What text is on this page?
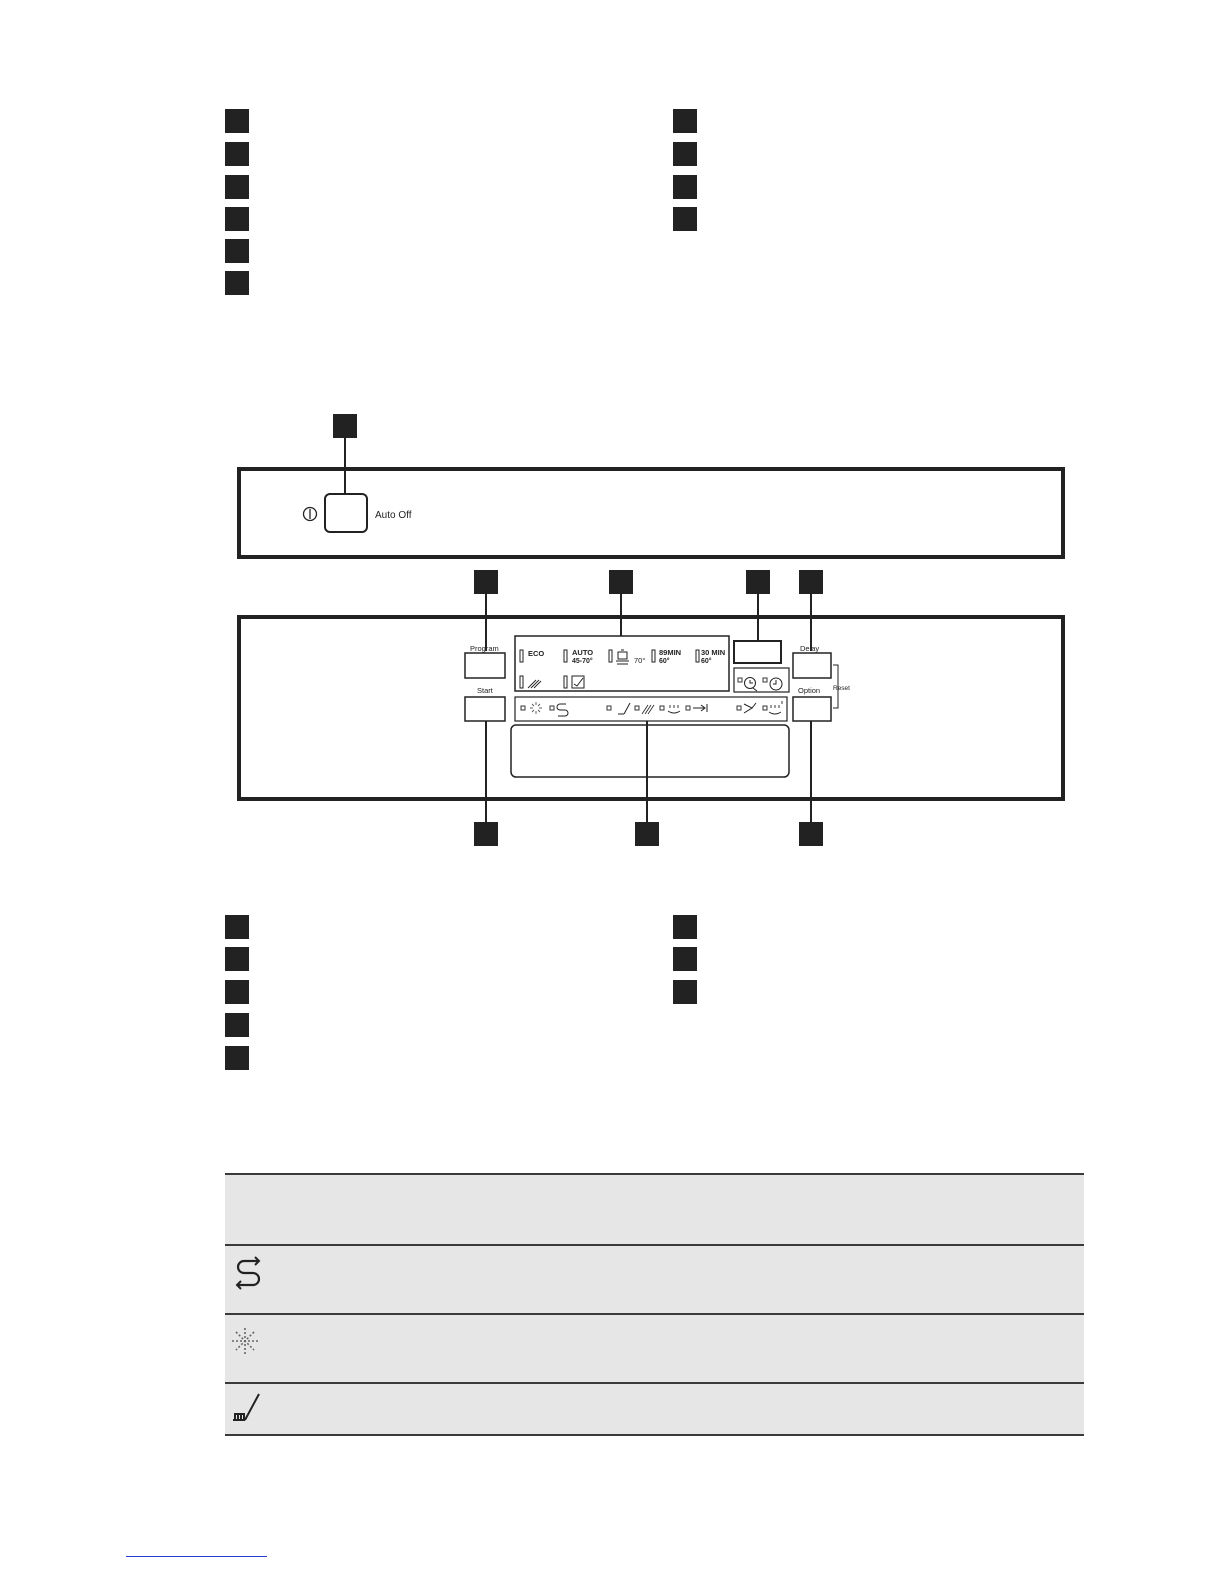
Auto Off
Program
Start
ECO	AUTO
45-70°	70°
89MIN
60°
30 MIN
60°
Delay
Option Reset
